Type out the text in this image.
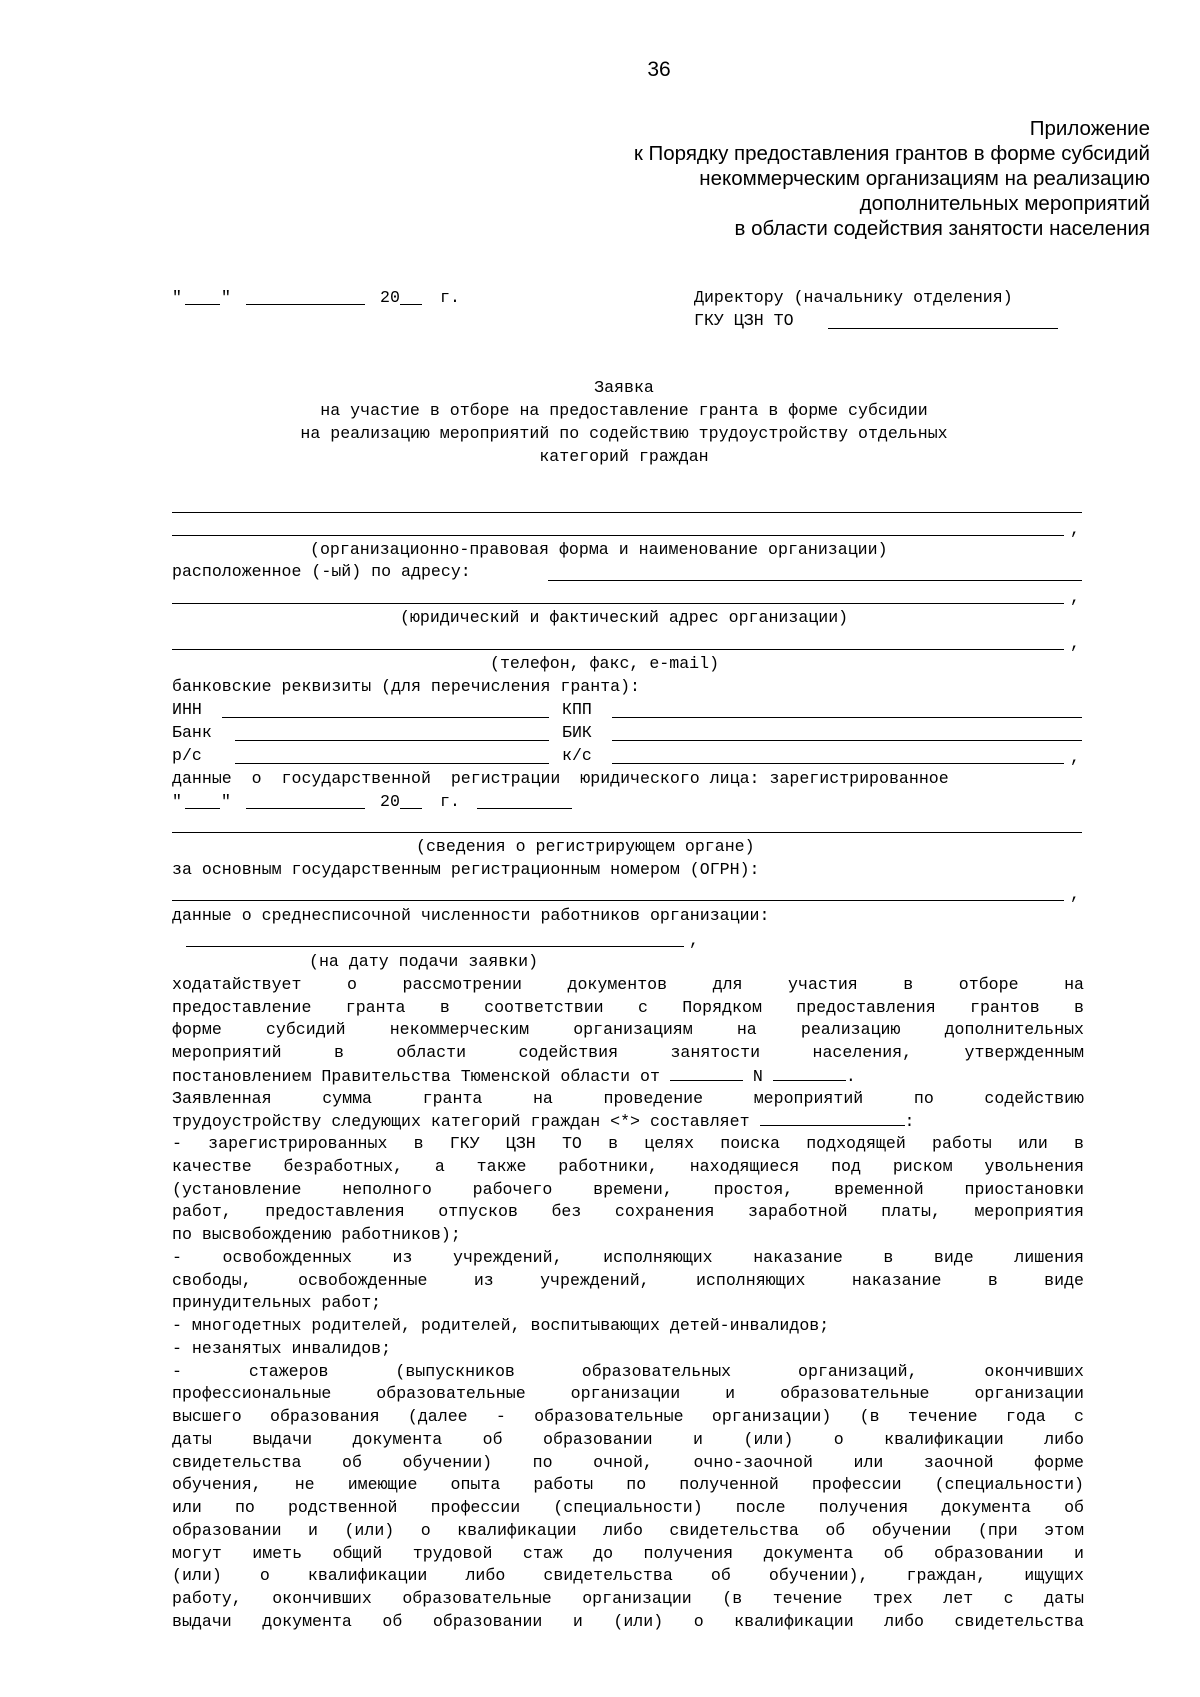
36
Приложение
к Порядку предоставления грантов в форме субсидий
некоммерческим организациям на реализацию
дополнительных мероприятий
в области содействия занятости населения
" "	20 г.	Директору (начальнику отделения)
ГКУ ЦЗН ТО
Заявка
на участие в отборе на предоставление гранта в форме субсидии
на реализацию мероприятий по содействию трудоустройству отдельных
категорий граждан
,
(организационно-правовая форма и наименование организации)
расположенное (-ый) по адресу:
,
(юридический и фактический адрес организации)
,
(телефон, факс, e-mail)
банковские реквизиты (для перечисления гранта):
ИНН	КПП
Банк	БИК
р/с	к/с	,
данные  о  государственной  регистрации  юридического лица: зарегистрированное
" "	20 г.
(сведения о регистрирующем органе)
за основным государственным регистрационным номером (ОГРН):
,
данные о среднесписочной численности работников организации:
,
(на дату подачи заявки)
ходатайствует о рассмотрении документов для участия в отборе на
предоставление гранта в соответствии с Порядком предоставления грантов в
форме субсидий некоммерческим организациям на реализацию дополнительных
мероприятий в области содействия занятости населения, утвержденным
постановлением Правительства Тюменской области от	N	.
Заявленная сумма гранта на проведение мероприятий по содействию
трудоустройству следующих категорий граждан <*> составляет	:
- зарегистрированных в ГКУ ЦЗН ТО в целях поиска подходящей работы или в
качестве безработных, а также работники, находящиеся под риском увольнения
(установление неполного рабочего времени, простоя, временной приостановки
работ, предоставления отпусков без сохранения заработной платы, мероприятия
по высвобождению работников);
- освобожденных из учреждений, исполняющих наказание в виде лишения
свободы, освобожденные из учреждений, исполняющих наказание в виде
принудительных работ;
- многодетных родителей, родителей, воспитывающих детей-инвалидов;
- незанятых инвалидов;
- стажеров (выпускников образовательных организаций, окончивших
профессиональные образовательные организации и образовательные организации
высшего образования (далее - образовательные организации) (в течение года с
даты выдачи документа об образовании и (или) о квалификации либо
свидетельства об обучении) по очной, очно-заочной или заочной форме
обучения, не имеющие опыта работы по полученной профессии (специальности)
или по родственной профессии (специальности) после получения документа об
образовании и (или) о квалификации либо свидетельства об обучении (при этом
могут иметь общий трудовой стаж до получения документа об образовании и
(или) о квалификации либо свидетельства об обучении), граждан, ищущих
работу, окончивших образовательные организации (в течение трех лет с даты
выдачи документа об образовании и (или) о квалификации либо свидетельства
